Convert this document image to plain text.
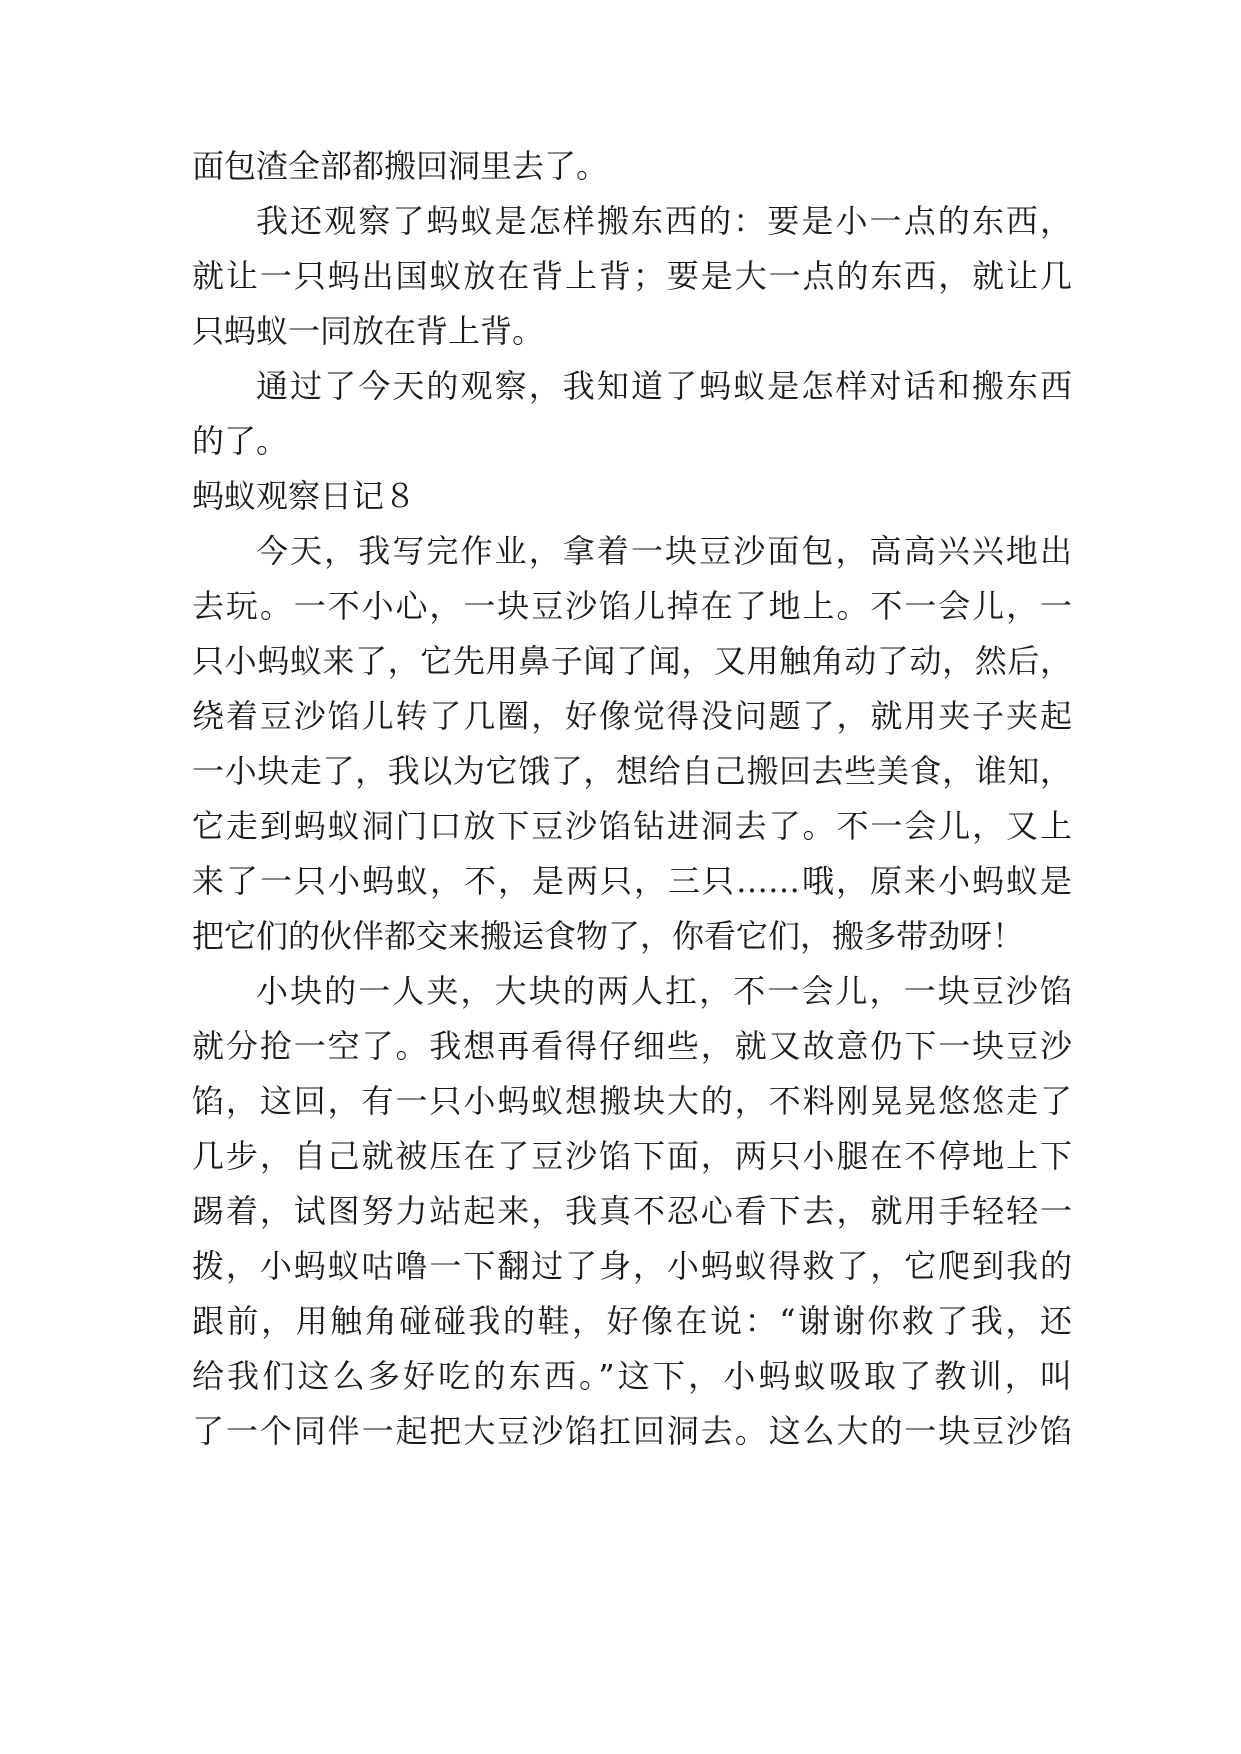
面包渣全部都搬回洞里去了。
我还观察了蚂蚁是怎样搬东西的：要是小一点的东西，
就让一只蚂出国蚁放在背上背；要是大一点的东西，就让几
只蚂蚁一同放在背上背。
通过了今天的观察，我知道了蚂蚁是怎样对话和搬东西
的了。
蚂蚁观察日记８
今天，我写完作业，拿着一块豆沙面包，高高兴兴地出
去玩。一不小心，一块豆沙馅儿掉在了地上。不一会儿，一
只小蚂蚁来了，它先用鼻子闻了闻，又用触角动了动，然后，
绕着豆沙馅儿转了几圈，好像觉得没问题了，就用夹子夹起
一小块走了，我以为它饿了，想给自己搬回去些美食，谁知，
它走到蚂蚁洞门口放下豆沙馅钻进洞去了。不一会儿，又上
来了一只小蚂蚁，不，是两只，三只……哦，原来小蚂蚁是
把它们的伙伴都交来搬运食物了，你看它们，搬多带劲呀！
小块的一人夹，大块的两人扛，不一会儿，一块豆沙馅
就分抢一空了。我想再看得仔细些，就又故意仍下一块豆沙
馅，这回，有一只小蚂蚁想搬块大的，不料刚晃晃悠悠走了
几步，自己就被压在了豆沙馅下面，两只小腿在不停地上下
踢着，试图努力站起来，我真不忍心看下去，就用手轻轻一
拨，小蚂蚁咕噜一下翻过了身，小蚂蚁得救了，它爬到我的
跟前，用触角碰碰我的鞋，好像在说：“谢谢你救了我，还
给我们这么多好吃的东西。”这下，小蚂蚁吸取了教训，叫
了一个同伴一起把大豆沙馅扛回洞去。这么大的一块豆沙馅
